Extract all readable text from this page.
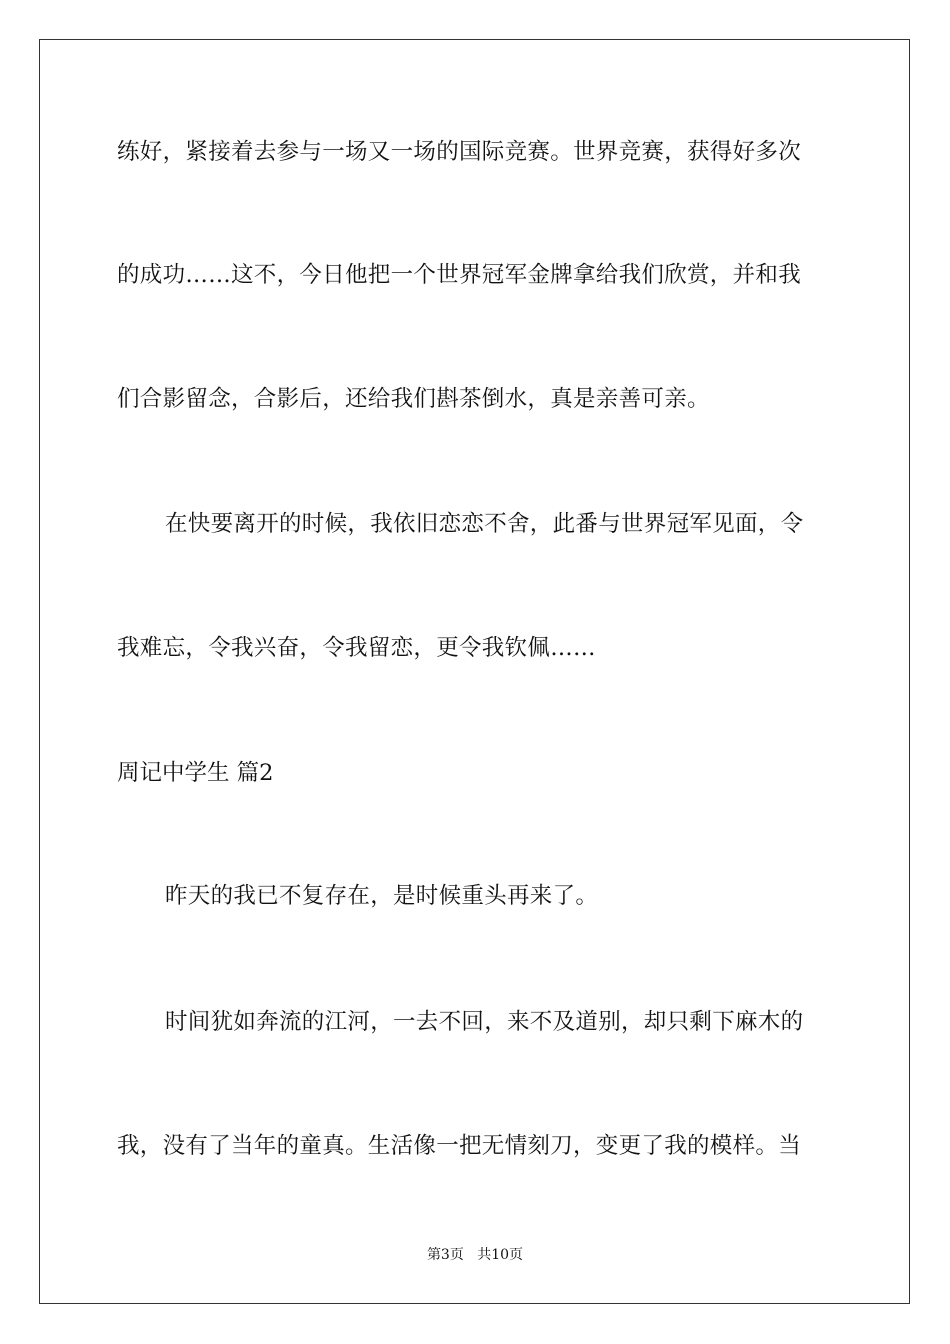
练好，紧接着去参与一场又一场的国际竞赛。世界竞赛，获得好多次
的成功……这不，今日他把一个世界冠军金牌拿给我们欣赏，并和我
们合影留念，合影后，还给我们斟茶倒水，真是亲善可亲。
在快要离开的时候，我依旧恋恋不舍，此番与世界冠军见面，令
我难忘，令我兴奋，令我留恋，更令我钦佩……
周记中学生 篇2
昨天的我已不复存在，是时候重头再来了。
时间犹如奔流的江河，一去不回，来不及道别，却只剩下麻木的
我，没有了当年的童真。生活像一把无情刻刀，变更了我的模样。当
第3页 共10页
